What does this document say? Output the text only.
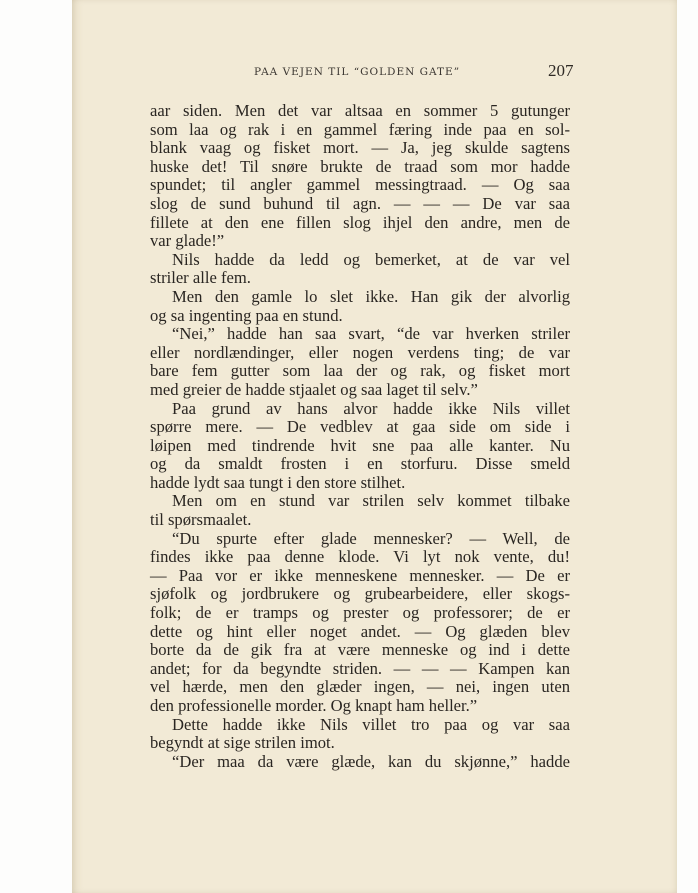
PAA VEJEN TIL “GOLDEN GATE”	207
aar siden. Men det var altsaa en sommer 5 gutunger
som laa og rak i en gammel færing inde paa en sol-
blank vaag og fisket mort. — Ja, jeg skulde sagtens
huske det! Til snøre brukte de traad som mor hadde
spundet; til angler gammel messingtraad. — Og saa
slog de sund buhund til agn. — — — De var saa
fillete at den ene fillen slog ihjel den andre, men de
var glade!”
Nils hadde da ledd og bemerket, at de var vel
striler alle fem.
Men den gamle lo slet ikke. Han gik der alvorlig
og sa ingenting paa en stund.
“Nei,” hadde han saa svart, “de var hverken striler
eller nordlændinger, eller nogen verdens ting; de var
bare fem gutter som laa der og rak, og fisket mort
med greier de hadde stjaalet og saa laget til selv.”
Paa grund av hans alvor hadde ikke Nils villet
spørre mere. — De vedblev at gaa side om side i
løipen med tindrende hvit sne paa alle kanter. Nu
og da smaldt frosten i en storfuru. Disse smeld
hadde lydt saa tungt i den store stilhet.
Men om en stund var strilen selv kommet tilbake
til spørsmaalet.
“Du spurte efter glade mennesker? — Well, de
findes ikke paa denne klode. Vi lyt nok vente, du!
— Paa vor er ikke menneskene mennesker. — De er
sjøfolk og jordbrukere og grubearbeidere, eller skogs-
folk; de er tramps og prester og professorer; de er
dette og hint eller noget andet. — Og glæden blev
borte da de gik fra at være menneske og ind i dette
andet; for da begyndte striden. — — — Kampen kan
vel hærde, men den glæder ingen, — nei, ingen uten
den professionelle morder. Og knapt ham heller.”
Dette hadde ikke Nils villet tro paa og var saa
begyndt at sige strilen imot.
“Der maa da være glæde, kan du skjønne,” hadde
